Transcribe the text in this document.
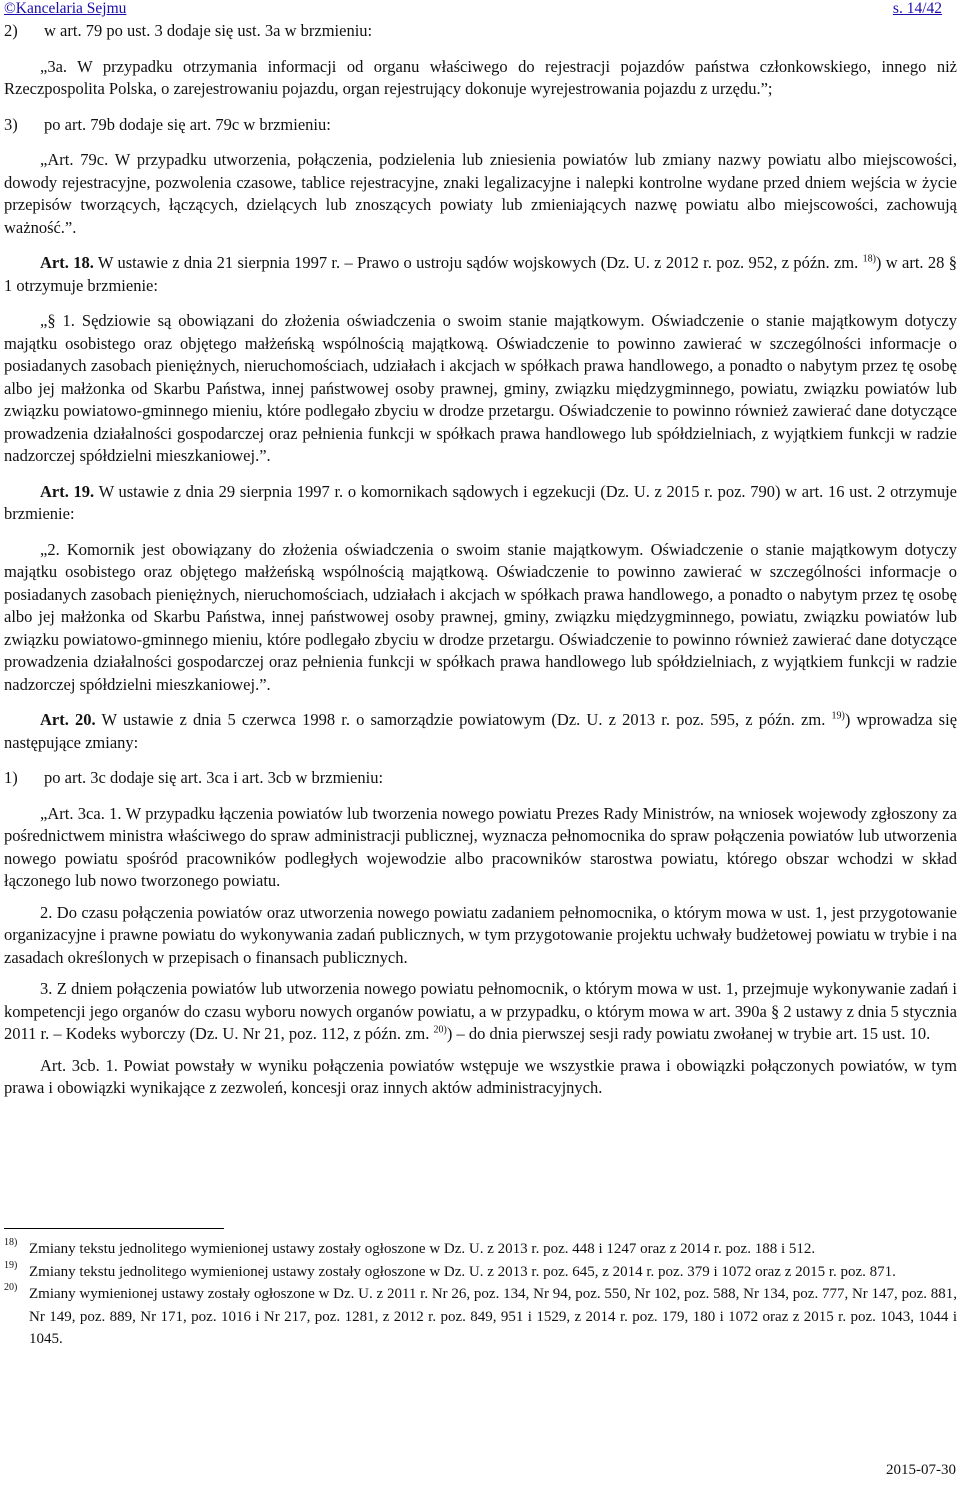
©Kancelaria Sejmu	s. 14/42
2) w art. 79 po ust. 3 dodaje się ust. 3a w brzmieniu:

„3a. W przypadku otrzymania informacji od organu właściwego do rejestracji pojazdów państwa członkowskiego, innego niż Rzeczpospolita Polska, o zarejestrowaniu pojazdu, organ rejestrujący dokonuje wyrejestrowania pojazdu z urzędu.”;

3) po art. 79b dodaje się art. 79c w brzmieniu:

„Art. 79c. W przypadku utworzenia, połączenia, podzielenia lub zniesienia powiatów lub zmiany nazwy powiatu albo miejscowości, dowody rejestracyjne, pozwolenia czasowe, tablice rejestracyjne, znaki legalizacyjne i nalepki kontrolne wydane przed dniem wejścia w życie przepisów tworzących, łączących, dzielących lub znoszących powiaty lub zmieniających nazwę powiatu albo miejscowości, zachowują ważność.”.

Art. 18. W ustawie z dnia 21 sierpnia 1997 r. – Prawo o ustroju sądów wojskowych (Dz. U. z 2012 r. poz. 952, z późn. zm. $^{18)}$) w art. 28 § 1 otrzymuje brzmienie:

„§ 1. Sędziowie są obowiązani do złożenia oświadczenia o swoim stanie majątkowym. Oświadczenie o stanie majątkowym dotyczy majątku osobistego oraz objętego małżeńską wspólnością majątkową. Oświadczenie to powinno zawierać w szczególności informacje o posiadanych zasobach pieniężnych, nieruchomościach, udziałach i akcjach w spółkach prawa handlowego, a ponadto o nabytym przez tę osobę albo jej małżonka od Skarbu Państwa, innej państwowej osoby prawnej, gminy, związku międzygminnego, powiatu, związku powiatów lub związku powiatowo-gminnego mieniu, które podlegało zbyciu w drodze przetargu. Oświadczenie to powinno również zawierać dane dotyczące prowadzenia działalności gospodarczej oraz pełnienia funkcji w spółkach prawa handlowego lub spółdzielniach, z wyjątkiem funkcji w radzie nadzorczej spółdzielni mieszkaniowej.”.

Art. 19. W ustawie z dnia 29 sierpnia 1997 r. o komornikach sądowych i egzekucji (Dz. U. z 2015 r. poz. 790) w art. 16 ust. 2 otrzymuje brzmienie:

„2. Komornik jest obowiązany do złożenia oświadczenia o swoim stanie majątkowym. Oświadczenie o stanie majątkowym dotyczy majątku osobistego oraz objętego małżeńską wspólnością majątkową. Oświadczenie to powinno zawierać w szczególności informacje o posiadanych zasobach pieniężnych, nieruchomościach, udziałach i akcjach w spółkach prawa handlowego, a ponadto o nabytym przez tę osobę albo jej małżonka od Skarbu Państwa, innej państwowej osoby prawnej, gminy, związku międzygminnego, powiatu, związku powiatów lub związku powiatowo-gminnego mieniu, które podlegało zbyciu w drodze przetargu. Oświadczenie to powinno również zawierać dane dotyczące prowadzenia działalności gospodarczej oraz pełnienia funkcji w spółkach prawa handlowego lub spółdzielniach, z wyjątkiem funkcji w radzie nadzorczej spółdzielni mieszkaniowej.”.

Art. 20. W ustawie z dnia 5 czerwca 1998 r. o samorządzie powiatowym (Dz. U. z 2013 r. poz. 595, z późn. zm. $^{19)}$) wprowadza się następujące zmiany:

1) po art. 3c dodaje się art. 3ca i art. 3cb w brzmieniu:

„Art. 3ca. 1. W przypadku łączenia powiatów lub tworzenia nowego powiatu Prezes Rady Ministrów, na wniosek wojewody zgłoszony za pośrednictwem ministra właściwego do spraw administracji publicznej, wyznacza pełnomocnika do spraw połączenia powiatów lub utworzenia nowego powiatu spośród pracowników podległych wojewodzie albo pracowników starostwa powiatu, którego obszar wchodzi w skład łączonego lub nowo tworzonego powiatu.

2. Do czasu połączenia powiatów oraz utworzenia nowego powiatu zadaniem pełnomocnika, o którym mowa w ust. 1, jest przygotowanie organizacyjne i prawne powiatu do wykonywania zadań publicznych, w tym przygotowanie projektu uchwały budżetowej powiatu w trybie i na zasadach określonych w przepisach o finansach publicznych.

3. Z dniem połączenia powiatów lub utworzenia nowego powiatu pełnomocnik, o którym mowa w ust. 1, przejmuje wykonywanie zadań i kompetencji jego organów do czasu wyboru nowych organów powiatu, a w przypadku, o którym mowa w art. 390a § 2 ustawy z dnia 5 stycznia 2011 r. – Kodeks wyborczy (Dz. U. Nr 21, poz. 112, z późn. zm. $^{20)}$) – do dnia pierwszej sesji rady powiatu zwołanej w trybie art. 15 ust. 10.

Art. 3cb. 1. Powiat powstały w wyniku połączenia powiatów wstępuje we wszystkie prawa i obowiązki połączonych powiatów, w tym prawa i obowiązki wynikające z zezwoleń, koncesji oraz innych aktów administracyjnych.

18) Zmiany tekstu jednolitego wymienionej ustawy zostały ogłoszone w Dz. U. z 2013 r. poz. 448 i 1247 oraz z 2014 r. poz. 188 i 512.
19) Zmiany tekstu jednolitego wymienionej ustawy zostały ogłoszone w Dz. U. z 2013 r. poz. 645, z 2014 r. poz. 379 i 1072 oraz z 2015 r. poz. 871.
20) Zmiany wymienionej ustawy zostały ogłoszone w Dz. U. z 2011 r. Nr 26, poz. 134, Nr 94, poz. 550, Nr 102, poz. 588, Nr 134, poz. 777, Nr 147, poz. 881, Nr 149, poz. 889, Nr 171, poz. 1016 i Nr 217, poz. 1281, z 2012 r. poz. 849, 951 i 1529, z 2014 r. poz. 179, 180 i 1072 oraz z 2015 r. poz. 1043, 1044 i 1045.
2015-07-30
